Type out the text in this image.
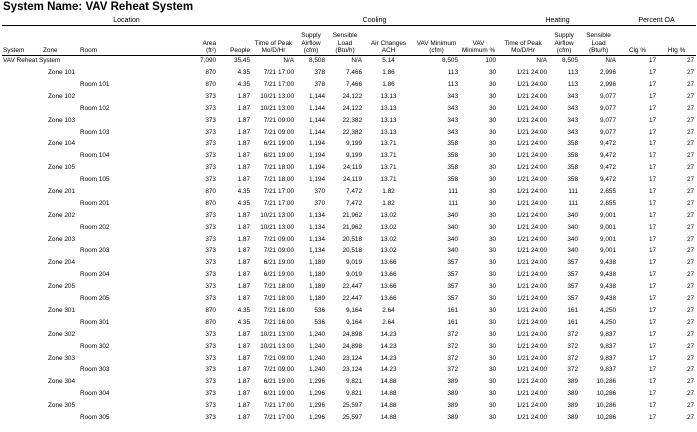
System Name: VAV Reheat System
Location					Cooling						Heating			Percent OA	
System	Zone	Room	Area (ft²)	People	Time of Peak Mo/D/Hr	Supply Airflow (cfm)	Sensible Load (Btu/h)	Air Changes ACH	VAV Minimum (cfm)	VAV Minimum %	Time of Peak Mo/D/Hr	Supply Airflow (cfm)	Sensible Load (Btu/h)	Clg %	Htg %
VAV Reheat System			7,090	35.45	N/A	8,508	N/A	5.14	8,505	100	N/A	8,505	N/A	17	27
	Zone 101		870	4.35	7/21 17:00	378	7,466	1.86	113	30	1/21 24:00	113	2,996	17	27
		Room 101	870	4.35	7/21 17:00	378	7,466	1.86	113	30	1/21 24:00	113	2,996	17	27
	Zone 102		373	1.87	10/21 13:00	1,144	24,122	13.13	343	30	1/21 24:00	343	9,077	17	27
		Room 102	373	1.87	10/21 13:00	1,144	24,122	13.13	343	30	1/21 24:00	343	9,077	17	27
	Zone 103		373	1.87	7/21 09:00	1,144	22,382	13.13	343	30	1/21 24:00	343	9,077	17	27
		Room 103	373	1.87	7/21 09:00	1,144	22,382	13.13	343	30	1/21 24:00	343	9,077	17	27
	Zone 104		373	1.87	6/21 19:00	1,194	9,199	13.71	358	30	1/21 24:00	358	9,472	17	27
		Room 104	373	1.87	6/21 19:00	1,194	9,199	13.71	358	30	1/21 24:00	358	9,472	17	27
	Zone 105		373	1.87	7/21 18:00	1,194	24,119	13.71	358	30	1/21 24:00	358	9,472	17	27
		Room 105	373	1.87	7/21 18:00	1,194	24,119	13.71	358	30	1/21 24:00	358	9,472	17	27
	Zone 201		870	4.35	7/21 17:00	370	7,472	1.82	111	30	1/21 24:00	111	2,655	17	27
		Room 201	870	4.35	7/21 17:00	370	7,472	1.82	111	30	1/21 24:00	111	2,655	17	27
	Zone 202		373	1.87	10/21 13:00	1,134	21,962	13.02	340	30	1/21 24:00	340	9,001	17	27
		Room 202	373	1.87	10/21 13:00	1,134	21,962	13.02	340	30	1/21 24:00	340	9,001	17	27
	Zone 203		373	1.87	7/21 09:00	1,134	20,518	13.02	340	30	1/21 24:00	340	9,001	17	27
		Room 203	373	1.87	7/21 09:00	1,134	20,518	13.02	340	30	1/21 24:00	340	9,001	17	27
	Zone 204		373	1.87	6/21 19:00	1,189	9,019	13.66	357	30	1/21 24:00	357	9,438	17	27
		Room 204	373	1.87	6/21 19:00	1,189	9,019	13.66	357	30	1/21 24:00	357	9,438	17	27
	Zone 205		373	1.87	7/21 18:00	1,189	22,447	13.66	357	30	1/21 24:00	357	9,438	17	27
		Room 205	373	1.87	7/21 18:00	1,189	22,447	13.66	357	30	1/21 24:00	357	9,438	17	27
	Zone 301		870	4.35	7/21 16:00	536	9,164	2.64	161	30	1/21 24:00	161	4,250	17	27
		Room 301	870	4.35	7/21 16:00	536	9,164	2.64	161	30	1/21 24:00	161	4,250	17	27
	Zone 302		373	1.87	10/21 13:00	1,240	24,898	14.23	372	30	1/21 24:00	372	9,837	17	27
		Room 302	373	1.87	10/21 13:00	1,240	24,898	14.23	372	30	1/21 24:00	372	9,837	17	27
	Zone 303		373	1.87	7/21 09:00	1,240	23,124	14.23	372	30	1/21 24:00	372	9,837	17	27
		Room 303	373	1.87	7/21 09:00	1,240	23,124	14.23	372	30	1/21 24:00	372	9,837	17	27
	Zone 304		373	1.87	6/21 19:00	1,296	9,821	14.88	389	30	1/21 24:00	389	10,286	17	27
		Room 304	373	1.87	6/21 19:00	1,296	9,821	14.88	389	30	1/21 24:00	389	10,286	17	27
	Zone 305		373	1.87	7/21 17:00	1,296	25,597	14.88	389	30	1/21 24:00	389	10,286	17	27
		Room 305	373	1.87	7/21 17:00	1,296	25,597	14.88	389	30	1/21 24:00	389	10,286	17	27
